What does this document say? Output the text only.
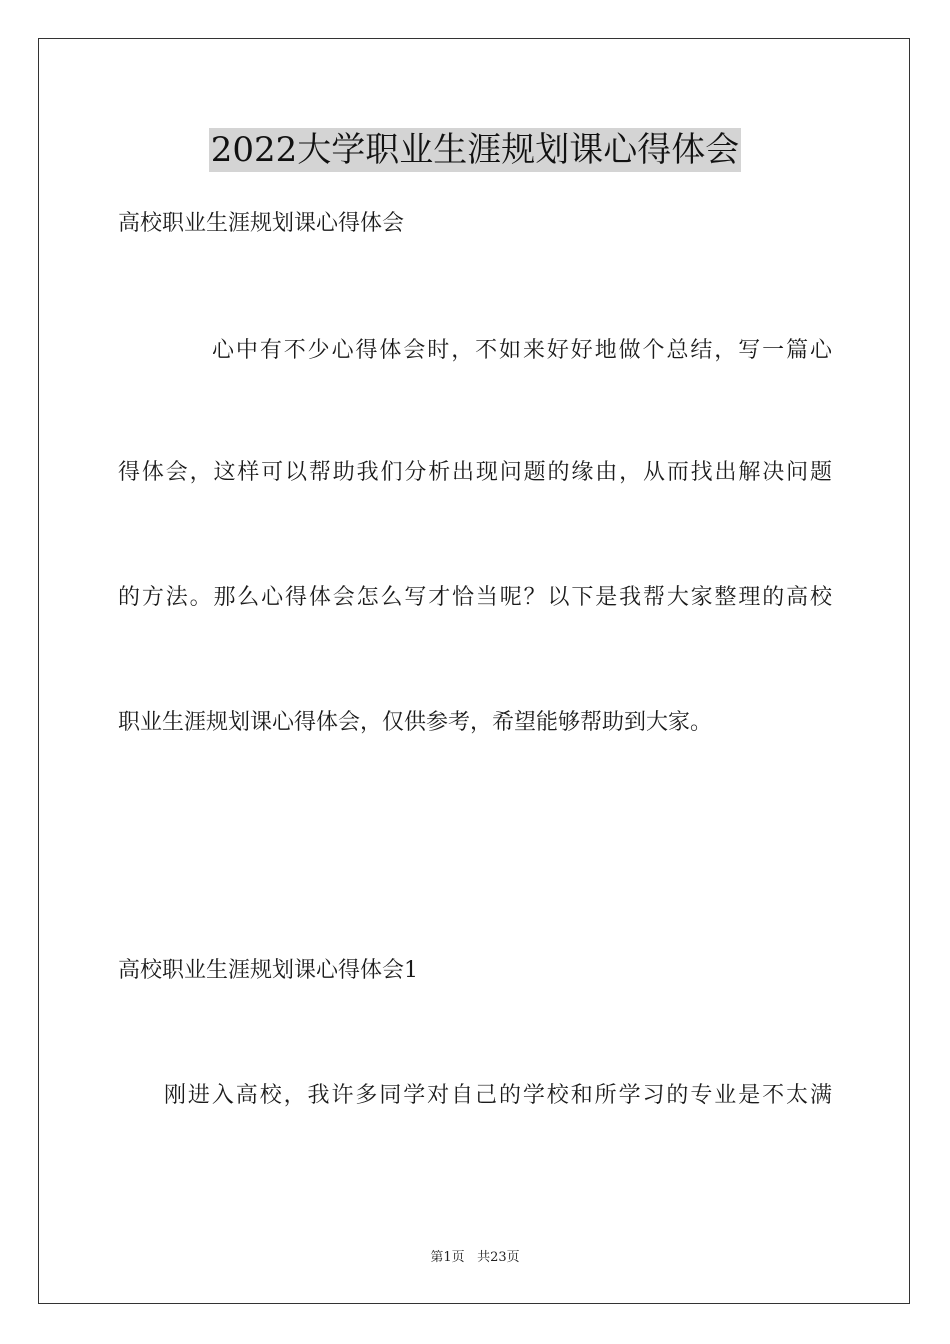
2022大学职业生涯规划课心得体会
高校职业生涯规划课心得体会
心中有不少心得体会时，不如来好好地做个总结，写一篇心
得体会，这样可以帮助我们分析出现问题的缘由，从而找出解决问题
的方法。那么心得体会怎么写才恰当呢？以下是我帮大家整理的高校
职业生涯规划课心得体会，仅供参考，希望能够帮助到大家。
高校职业生涯规划课心得体会1
刚进入高校，我许多同学对自己的学校和所学习的专业是不太满
第1页 共23页
